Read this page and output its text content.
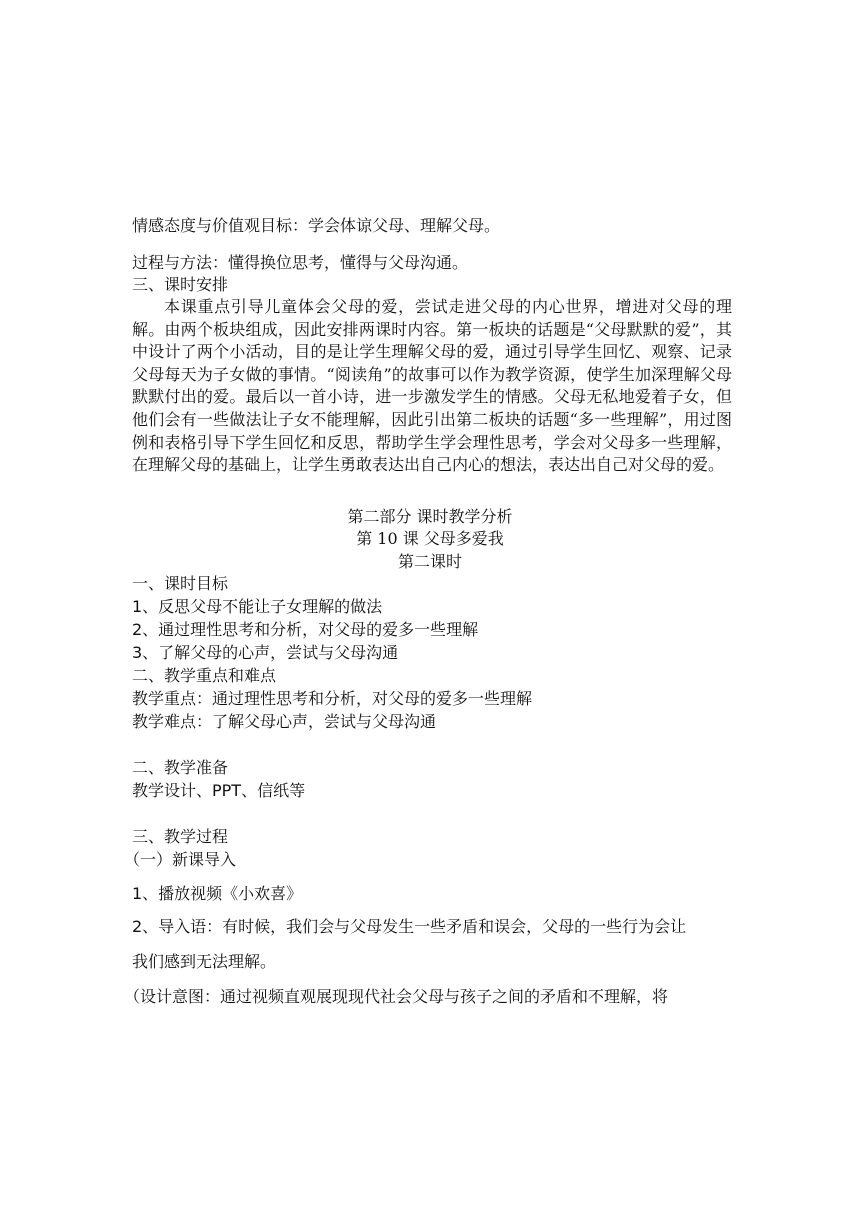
情感态度与价值观目标：学会体谅父母、理解父母。
过程与方法：懂得换位思考，懂得与父母沟通。
三、课时安排
本课重点引导儿童体会父母的爱，尝试走进父母的内心世界，增进对父母的理解。由两个板块组成，因此安排两课时内容。第一板块的话题是“父母默默的爱”，其中设计了两个小活动，目的是让学生理解父母的爱，通过引导学生回忆、观察、记录父母每天为子女做的事情。“阅读角”的故事可以作为教学资源，使学生加深理解父母默默付出的爱。最后以一首小诗，进一步激发学生的情感。父母无私地爱着子女，但他们会有一些做法让子女不能理解，因此引出第二板块的话题“多一些理解”，用过图例和表格引导下学生回忆和反思，帮助学生学会理性思考，学会对父母多一些理解，在理解父母的基础上，让学生勇敢表达出自己内心的想法，表达出自己对父母的爱。
第二部分 课时教学分析
第 10 课 父母多爱我
第二课时
一、课时目标
1、反思父母不能让子女理解的做法
2、通过理性思考和分析，对父母的爱多一些理解
3、了解父母的心声，尝试与父母沟通
二、教学重点和难点
教学重点：通过理性思考和分析，对父母的爱多一些理解
教学难点：了解父母心声，尝试与父母沟通
二、教学准备
教学设计、PPT、信纸等
三、教学过程
（一）新课导入
1、播放视频《小欢喜》
2、导入语：有时候，我们会与父母发生一些矛盾和误会，父母的一些行为会让
我们感到无法理解。
（设计意图：通过视频直观展现现代社会父母与孩子之间的矛盾和不理解，将
